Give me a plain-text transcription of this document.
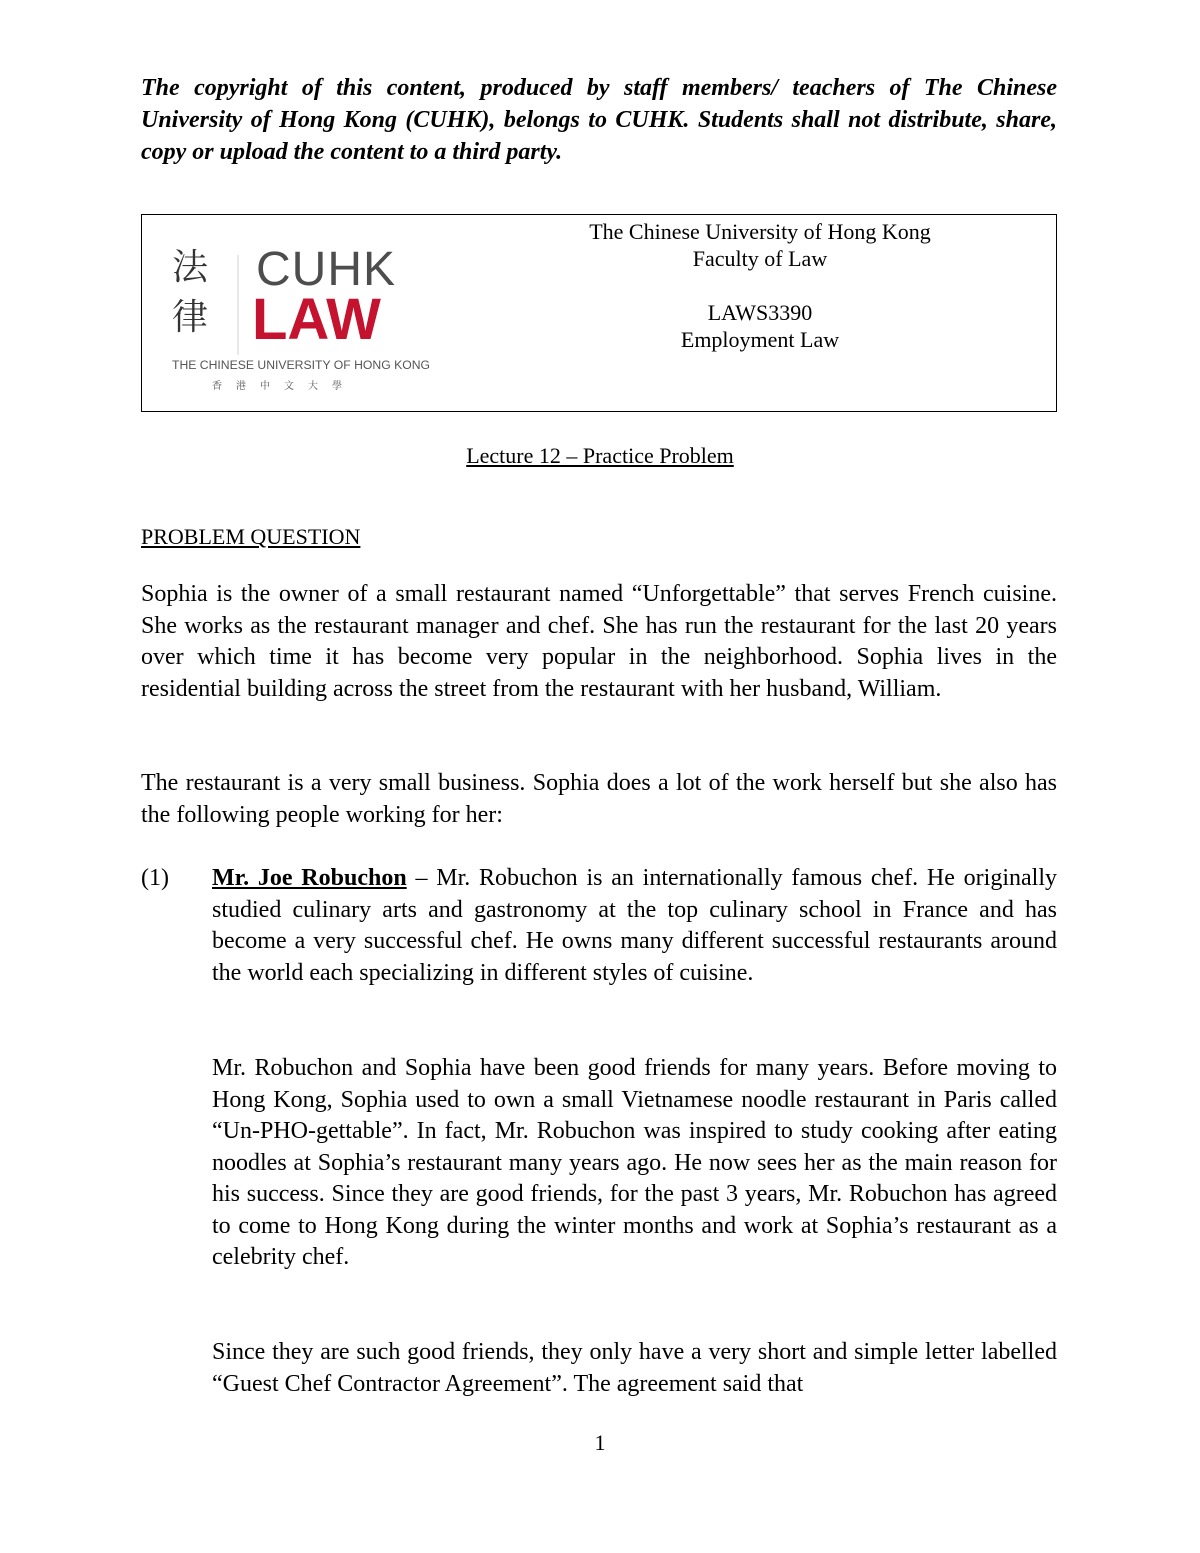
The copyright of this content, produced by staff members/ teachers of The Chinese University of Hong Kong (CUHK), belongs to CUHK. Students shall not distribute, share, copy or upload the content to a third party.
法
律
CUHK
LAW
THE CHINESE UNIVERSITY OF HONG KONG
香港中文大學
The Chinese University of Hong Kong
Faculty of Law
LAWS3390
Employment Law
Lecture 12 – Practice Problem
PROBLEM QUESTION
Sophia is the owner of a small restaurant named “Unforgettable” that serves French cuisine. She works as the restaurant manager and chef. She has run the restaurant for the last 20 years over which time it has become very popular in the neighborhood. Sophia lives in the residential building across the street from the restaurant with her husband, William.
The restaurant is a very small business. Sophia does a lot of the work herself but she also has the following people working for her:
(1) Mr. Joe Robuchon – Mr. Robuchon is an internationally famous chef. He originally studied culinary arts and gastronomy at the top culinary school in France and has become a very successful chef. He owns many different successful restaurants around the world each specializing in different styles of cuisine.
Mr. Robuchon and Sophia have been good friends for many years. Before moving to Hong Kong, Sophia used to own a small Vietnamese noodle restaurant in Paris called “Un-PHO-gettable”. In fact, Mr. Robuchon was inspired to study cooking after eating noodles at Sophia’s restaurant many years ago. He now sees her as the main reason for his success. Since they are good friends, for the past 3 years, Mr. Robuchon has agreed to come to Hong Kong during the winter months and work at Sophia’s restaurant as a celebrity chef.
Since they are such good friends, they only have a very short and simple letter labelled “Guest Chef Contractor Agreement”. The agreement said that
1
